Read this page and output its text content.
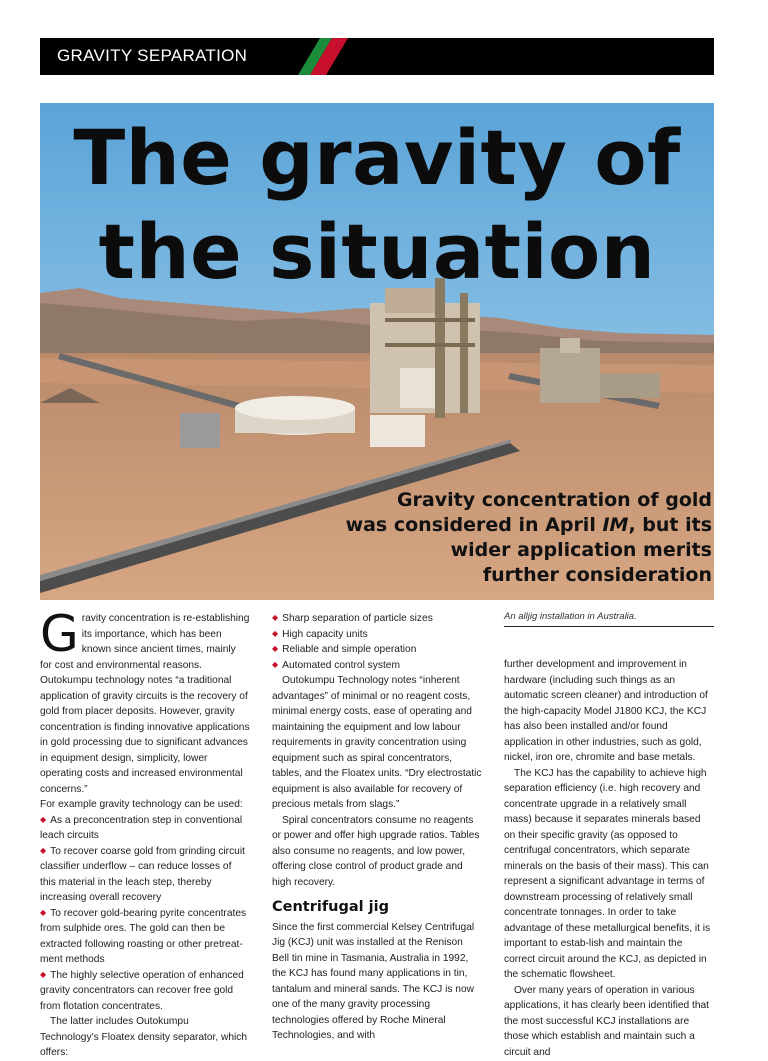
GRAVITY SEPARATION
The gravity of
the situation
Gravity concentration of gold
was considered in April IM, but its
wider application merits
further consideration

Gravity concentration is re-establishing its importance, which has been known since ancient times, mainly for cost and environmental reasons. Outokumpu technology notes “a traditional application of gravity circuits is the recovery of gold from placer deposits. However, gravity concentration is finding innovative applications in gold processing due to significant advances in equipment design, simplicity, lower operating costs and increased environmental concerns.”

For example gravity technology can be used:

◆ As a preconcentration step in conventional leach circuits

◆ To recover coarse gold from grinding circuit classifier underflow – can reduce losses of this material in the leach step, thereby increasing overall recovery

◆ To recover gold-bearing pyrite concentrates from sulphide ores. The gold can then be extracted following roasting or other pretreat-ment methods

◆ The highly selective operation of enhanced gravity concentrators can recover free gold from flotation concentrates.

The latter includes Outokumpu Technology’s Floatex density separator, which offers:

◆ Sharp separation of particle sizes

◆ High capacity units

◆ Reliable and simple operation

◆ Automated control system

Outokumpu Technology notes “inherent advantages” of minimal or no reagent costs, minimal energy costs, ease of operating and maintaining the equipment and low labour requirements in gravity concentration using equipment such as spiral concentrators, tables, and the Floatex units. “Dry electrostatic equipment is also available for recovery of precious metals from slags.”

Spiral concentrators consume no reagents or power and offer high upgrade ratios. Tables also consume no reagents, and low power, offering close control of product grade and high recovery.

Centrifugal jig

Since the first commercial Kelsey Centrifugal Jig (KCJ) unit was installed at the Renison Bell tin mine in Tasmania, Australia in 1992, the KCJ has found many applications in tin, tantalum and mineral sands. The KCJ is now one of the many gravity processing technologies offered by Roche Mineral Technologies, and with

An alljig installation in Australia.

further development and improvement in hardware (including such things as an automatic screen cleaner) and introduction of the high-capacity Model J1800 KCJ, the KCJ has also been installed and/or found application in other industries, such as gold, nickel, iron ore, chromite and base metals.

The KCJ has the capability to achieve high separation efficiency (i.e. high recovery and concentrate upgrade in a relatively small mass) because it separates minerals based on their specific gravity (as opposed to centrifugal concentrators, which separate minerals on the basis of their mass). This can represent a significant advantage in terms of downstream processing of relatively small concentrate tonnages. In order to take advantage of these metallurgical benefits, it is important to estab-lish and maintain the correct circuit around the KCJ, as depicted in the schematic flowsheet.

Over many years of operation in various applications, it has clearly been identified that the most successful KCJ installations are those which establish and maintain such a circuit and
